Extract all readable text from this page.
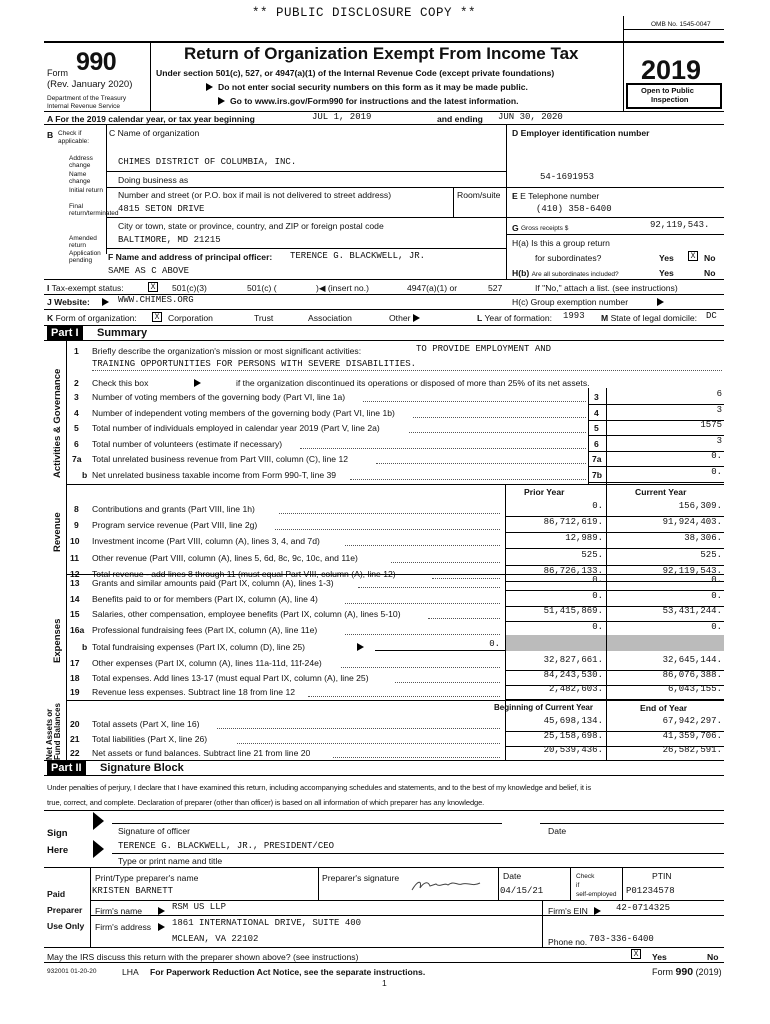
** PUBLIC DISCLOSURE COPY **
OMB No. 1545-0047
Form 990
(Rev. January 2020)
Department of the Treasury
Internal Revenue Service
Return of Organization Exempt From Income Tax
Under section 501(c), 527, or 4947(a)(1) of the Internal Revenue Code (except private foundations)
Do not enter social security numbers on this form as it may be made public.
Go to www.irs.gov/Form990 for instructions and the latest information.
2019
Open to Public
Inspection
A For the 2019 calendar year, or tax year beginning	JUL 1, 2019	and ending JUN 30, 2020
B Check if applicable:
Address change
Name change
Initial return
Final return/terminated
Amended return
Application pending
C Name of organization
CHIMES DISTRICT OF COLUMBIA, INC.
Doing business as
Number and street (or P.O. box if mail is not delivered to street address)	Room/suite
4815 SETON DRIVE
City or town, state or province, country, and ZIP or foreign postal code
BALTIMORE, MD 21215
F Name and address of principal officer: TERENCE G. BLACKWELL, JR.
SAME AS C ABOVE
D Employer identification number
54-1691953
E E Telephone number
(410) 358-6400
G Gross receipts $	92,119,543.
H(a) Is this a group return
for subordinates?	Yes	X No
H(b) Are all subordinates included?	Yes	No
I Tax-exempt status:	X	501(c)(3)	501(c) (	)◀ (insert no.)	4947(a)(1) or	527	If "No," attach a list. (see instructions)
J Website:	WWW.CHIMES.ORG	H(c) Group exemption number
K Form of organization:	X Corporation	Trust	Association	Other	L Year of formation: 1993 M State of legal domicile: DC
Part I	Summary
Activities & Governance
Revenue
Expenses
Net Assets or Fund Balances
1 Briefly describe the organization's mission or most significant activities:	TO PROVIDE EMPLOYMENT AND
TRAINING OPPORTUNITIES FOR PERSONS WITH SEVERE DISABILITIES.
2 Check this box	if the organization discontinued its operations or disposed of more than 25% of its net assets.
3 Number of voting members of the governing body (Part VI, line 1a)	3	6
4 Number of independent voting members of the governing body (Part VI, line 1b)	4	3
5 Total number of individuals employed in calendar year 2019 (Part V, line 2a)	5	1575
6 Total number of volunteers (estimate if necessary)	6	3
7a Total unrelated business revenue from Part VIII, column (C), line 12	7a	0.
b Net unrelated business taxable income from Form 990-T, line 39	7b	0.
Prior Year	Current Year
8 Contributions and grants (Part VIII, line 1h)	0.	156,309.
9 Program service revenue (Part VIII, line 2g)	86,712,619.	91,924,403.
10 Investment income (Part VIII, column (A), lines 3, 4, and 7d)	12,989.	38,306.
11 Other revenue (Part VIII, column (A), lines 5, 6d, 8c, 9c, 10c, and 11e)	525.	525.
12 Total revenue - add lines 8 through 11 (must equal Part VIII, column (A), line 12)	86,726,133.	92,119,543.
13 Grants and similar amounts paid (Part IX, column (A), lines 1-3)	0.	0.
14 Benefits paid to or for members (Part IX, column (A), line 4)	0.	0.
15 Salaries, other compensation, employee benefits (Part IX, column (A), lines 5-10)	51,415,869.	53,431,244.
16a Professional fundraising fees (Part IX, column (A), line 11e)	0.	0.
b Total fundraising expenses (Part IX, column (D), line 25)	0.
17 Other expenses (Part IX, column (A), lines 11a-11d, 11f-24e)	32,827,661.	32,645,144.
18 Total expenses. Add lines 13-17 (must equal Part IX, column (A), line 25)	84,243,530.	86,076,388.
19 Revenue less expenses. Subtract line 18 from line 12	2,482,603.	6,043,155.
Beginning of Current Year	End of Year
20 Total assets (Part X, line 16)	45,698,134.	67,942,297.
21 Total liabilities (Part X, line 26)	25,158,698.	41,359,706.
22 Net assets or fund balances. Subtract line 21 from line 20	20,539,436.	26,582,591.
Part II	Signature Block
Under penalties of perjury, I declare that I have examined this return, including accompanying schedules and statements, and to the best of my knowledge and belief, it is
true, correct, and complete. Declaration of preparer (other than officer) is based on all information of which preparer has any knowledge.
Sign
Here
Signature of officer	Date
TERENCE G. BLACKWELL, JR., PRESIDENT/CEO
Type or print name and title
Paid
Preparer
Use Only
Print/Type preparer's name
KRISTEN BARNETT
Preparer's signature	Date
04/15/21
Check
if
self-employed
PTIN
P01234578
Firm's name	RSM US LLP	Firm's EIN	42-0714325
Firm's address 1861 INTERNATIONAL DRIVE, SUITE 400
MCLEAN, VA 22102	Phone no. 703-336-6400
May the IRS discuss this return with the preparer shown above? (see instructions)	X	Yes	No
932001 01-20-20	LHA For Paperwork Reduction Act Notice, see the separate instructions.	Form 990 (2019)
1
